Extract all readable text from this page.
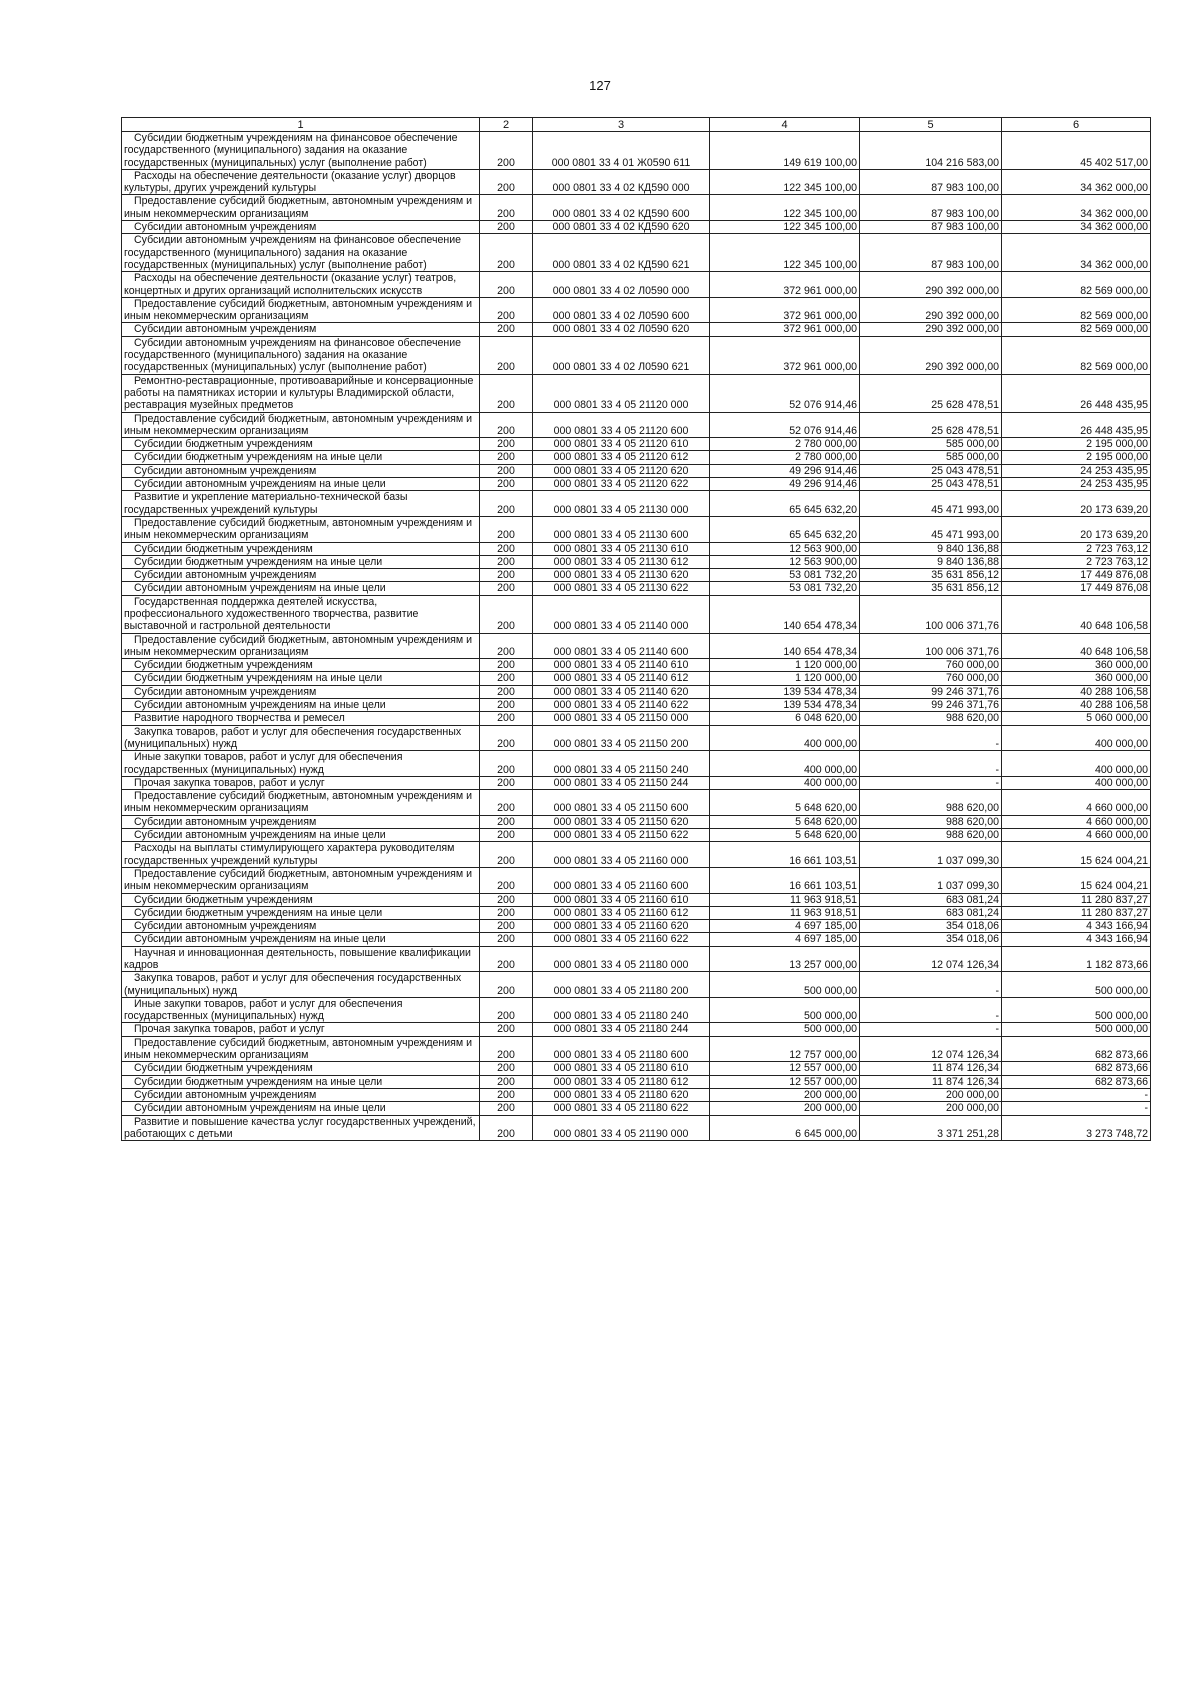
127
1	2	3	4	5	6
Субсидии бюджетным учреждениям на финансовое обеспечение государственного (муниципального) задания на оказание государственных (муниципальных) услуг (выполнение работ)	200	000 0801 33 4 01 Ж0590 611	149 619 100,00	104 216 583,00	45 402 517,00
Расходы на обеспечение деятельности (оказание услуг) дворцов культуры, других учреждений культуры	200	000 0801 33 4 02 КД590 000	122 345 100,00	87 983 100,00	34 362 000,00
Предоставление субсидий бюджетным, автономным учреждениям и иным некоммерческим организациям	200	000 0801 33 4 02 КД590 600	122 345 100,00	87 983 100,00	34 362 000,00
Субсидии автономным учреждениям	200	000 0801 33 4 02 КД590 620	122 345 100,00	87 983 100,00	34 362 000,00
Субсидии автономным учреждениям на финансовое обеспечение государственного (муниципального) задания на оказание государственных (муниципальных) услуг (выполнение работ)	200	000 0801 33 4 02 КД590 621	122 345 100,00	87 983 100,00	34 362 000,00
Расходы на обеспечение деятельности (оказание услуг) театров, концертных и других организаций исполнительских искусств	200	000 0801 33 4 02 Л0590 000	372 961 000,00	290 392 000,00	82 569 000,00
Предоставление субсидий бюджетным, автономным учреждениям и иным некоммерческим организациям	200	000 0801 33 4 02 Л0590 600	372 961 000,00	290 392 000,00	82 569 000,00
Субсидии автономным учреждениям	200	000 0801 33 4 02 Л0590 620	372 961 000,00	290 392 000,00	82 569 000,00
Субсидии автономным учреждениям на финансовое обеспечение государственного (муниципального) задания на оказание государственных (муниципальных) услуг (выполнение работ)	200	000 0801 33 4 02 Л0590 621	372 961 000,00	290 392 000,00	82 569 000,00
Ремонтно-реставрационные, противоаварийные и консервационные работы на памятниках истории и культуры Владимирской области, реставрация музейных предметов	200	000 0801 33 4 05 21120 000	52 076 914,46	25 628 478,51	26 448 435,95
Предоставление субсидий бюджетным, автономным учреждениям и иным некоммерческим организациям	200	000 0801 33 4 05 21120 600	52 076 914,46	25 628 478,51	26 448 435,95
Субсидии бюджетным учреждениям	200	000 0801 33 4 05 21120 610	2 780 000,00	585 000,00	2 195 000,00
Субсидии бюджетным учреждениям на иные цели	200	000 0801 33 4 05 21120 612	2 780 000,00	585 000,00	2 195 000,00
Субсидии автономным учреждениям	200	000 0801 33 4 05 21120 620	49 296 914,46	25 043 478,51	24 253 435,95
Субсидии автономным учреждениям на иные цели	200	000 0801 33 4 05 21120 622	49 296 914,46	25 043 478,51	24 253 435,95
Развитие и укрепление материально-технической базы государственных учреждений культуры	200	000 0801 33 4 05 21130 000	65 645 632,20	45 471 993,00	20 173 639,20
Предоставление субсидий бюджетным, автономным учреждениям и иным некоммерческим организациям	200	000 0801 33 4 05 21130 600	65 645 632,20	45 471 993,00	20 173 639,20
Субсидии бюджетным учреждениям	200	000 0801 33 4 05 21130 610	12 563 900,00	9 840 136,88	2 723 763,12
Субсидии бюджетным учреждениям на иные цели	200	000 0801 33 4 05 21130 612	12 563 900,00	9 840 136,88	2 723 763,12
Субсидии автономным учреждениям	200	000 0801 33 4 05 21130 620	53 081 732,20	35 631 856,12	17 449 876,08
Субсидии автономным учреждениям на иные цели	200	000 0801 33 4 05 21130 622	53 081 732,20	35 631 856,12	17 449 876,08
Государственная поддержка деятелей искусства, профессионального художественного творчества, развитие выставочной и гастрольной деятельности	200	000 0801 33 4 05 21140 000	140 654 478,34	100 006 371,76	40 648 106,58
Предоставление субсидий бюджетным, автономным учреждениям и иным некоммерческим организациям	200	000 0801 33 4 05 21140 600	140 654 478,34	100 006 371,76	40 648 106,58
Субсидии бюджетным учреждениям	200	000 0801 33 4 05 21140 610	1 120 000,00	760 000,00	360 000,00
Субсидии бюджетным учреждениям на иные цели	200	000 0801 33 4 05 21140 612	1 120 000,00	760 000,00	360 000,00
Субсидии автономным учреждениям	200	000 0801 33 4 05 21140 620	139 534 478,34	99 246 371,76	40 288 106,58
Субсидии автономным учреждениям на иные цели	200	000 0801 33 4 05 21140 622	139 534 478,34	99 246 371,76	40 288 106,58
Развитие народного творчества и ремесел	200	000 0801 33 4 05 21150 000	6 048 620,00	988 620,00	5 060 000,00
Закупка товаров, работ и услуг для обеспечения государственных (муниципальных) нужд	200	000 0801 33 4 05 21150 200	400 000,00	-	400 000,00
Иные закупки товаров, работ и услуг для обеспечения государственных (муниципальных) нужд	200	000 0801 33 4 05 21150 240	400 000,00	-	400 000,00
Прочая закупка товаров, работ и услуг	200	000 0801 33 4 05 21150 244	400 000,00	-	400 000,00
Предоставление субсидий бюджетным, автономным учреждениям и иным некоммерческим организациям	200	000 0801 33 4 05 21150 600	5 648 620,00	988 620,00	4 660 000,00
Субсидии автономным учреждениям	200	000 0801 33 4 05 21150 620	5 648 620,00	988 620,00	4 660 000,00
Субсидии автономным учреждениям на иные цели	200	000 0801 33 4 05 21150 622	5 648 620,00	988 620,00	4 660 000,00
Расходы на выплаты стимулирующего характера руководителям государственных учреждений культуры	200	000 0801 33 4 05 21160 000	16 661 103,51	1 037 099,30	15 624 004,21
Предоставление субсидий бюджетным, автономным учреждениям и иным некоммерческим организациям	200	000 0801 33 4 05 21160 600	16 661 103,51	1 037 099,30	15 624 004,21
Субсидии бюджетным учреждениям	200	000 0801 33 4 05 21160 610	11 963 918,51	683 081,24	11 280 837,27
Субсидии бюджетным учреждениям на иные цели	200	000 0801 33 4 05 21160 612	11 963 918,51	683 081,24	11 280 837,27
Субсидии автономным учреждениям	200	000 0801 33 4 05 21160 620	4 697 185,00	354 018,06	4 343 166,94
Субсидии автономным учреждениям на иные цели	200	000 0801 33 4 05 21160 622	4 697 185,00	354 018,06	4 343 166,94
Научная и инновационная деятельность, повышение квалификации кадров	200	000 0801 33 4 05 21180 000	13 257 000,00	12 074 126,34	1 182 873,66
Закупка товаров, работ и услуг для обеспечения государственных (муниципальных) нужд	200	000 0801 33 4 05 21180 200	500 000,00	-	500 000,00
Иные закупки товаров, работ и услуг для обеспечения государственных (муниципальных) нужд	200	000 0801 33 4 05 21180 240	500 000,00	-	500 000,00
Прочая закупка товаров, работ и услуг	200	000 0801 33 4 05 21180 244	500 000,00	-	500 000,00
Предоставление субсидий бюджетным, автономным учреждениям и иным некоммерческим организациям	200	000 0801 33 4 05 21180 600	12 757 000,00	12 074 126,34	682 873,66
Субсидии бюджетным учреждениям	200	000 0801 33 4 05 21180 610	12 557 000,00	11 874 126,34	682 873,66
Субсидии бюджетным учреждениям на иные цели	200	000 0801 33 4 05 21180 612	12 557 000,00	11 874 126,34	682 873,66
Субсидии автономным учреждениям	200	000 0801 33 4 05 21180 620	200 000,00	200 000,00	-
Субсидии автономным учреждениям на иные цели	200	000 0801 33 4 05 21180 622	200 000,00	200 000,00	-
Развитие и повышение качества услуг государственных учреждений, работающих с детьми	200	000 0801 33 4 05 21190 000	6 645 000,00	3 371 251,28	3 273 748,72
